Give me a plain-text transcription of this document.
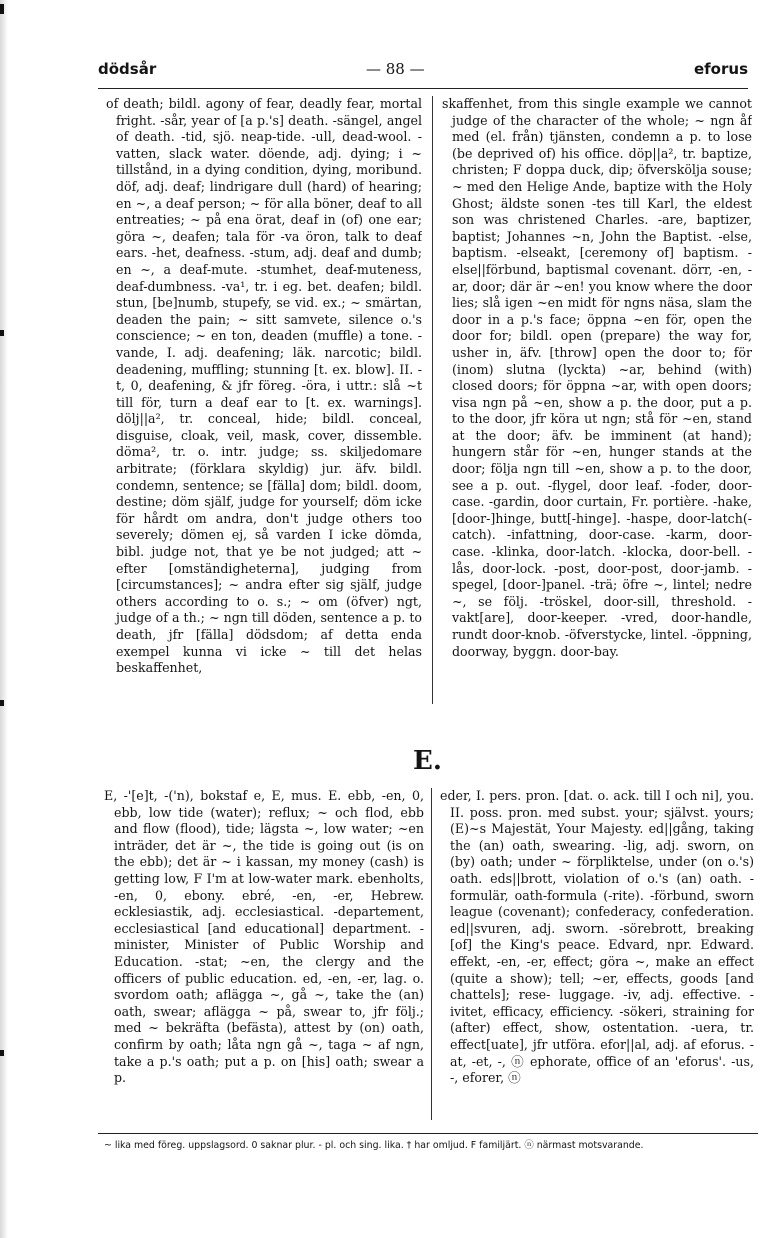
dödsår	— 88 —	eforus

of death; bildl. agony of fear, deadly fear, mortal fright. -sår, year of [a p.'s] death. -sängel, angel of death. -tid, sjö. neap-tide. -ull, dead-wool. -vatten, slack water. döende, adj. dying; i ~ tillstånd, in a dying condition, dying, moribund. döf, adj. deaf; lindrigare dull (hard) of hearing; en ~, a deaf person; ~ för alla böner, deaf to all entreaties; ~ på ena örat, deaf in (of) one ear; göra ~, deafen; tala för -va öron, talk to deaf ears. -het, deafness. -stum, adj. deaf and dumb; en ~, a deaf-mute. -stumhet, deaf-muteness, deaf-dumbness. -va¹, tr. i eg. bet. deafen; bildl. stun, [be]numb, stupefy, se vid. ex.; ~ smärtan, deaden the pain; ~ sitt samvete, silence o.'s conscience; ~ en ton, deaden (muffle) a tone. -vande, I. adj. deafening; läk. narcotic; bildl. deadening, muffling; stunning [t. ex. blow]. II. -t, 0, deafening, & jfr föreg. -öra, i uttr.: slå ~t till för, turn a deaf ear to [t. ex. warnings]. dölj||a², tr. conceal, hide; bildl. conceal, disguise, cloak, veil, mask, cover, dissemble. döma², tr. o. intr. judge; ss. skiljedomare arbitrate; (förklara skyldig) jur. äfv. bildl. condemn, sentence; se [fälla] dom; bildl. doom, destine; döm själf, judge for yourself; döm icke för hårdt om andra, don't judge others too severely; dömen ej, så varden I icke dömda, bibl. judge not, that ye be not judged; att ~ efter [omständigheterna], judging from [circumstances]; ~ andra efter sig själf, judge others according to o. s.; ~ om (öfver) ngt, judge of a th.; ~ ngn till döden, sentence a p. to death, jfr [fälla] dödsdom; af detta enda exempel kunna vi icke ~ till det helas beskaffenhet,

skaffenhet, from this single example we cannot judge of the character of the whole; ~ ngn åf med (el. från) tjänsten, condemn a p. to lose (be deprived of) his office. döp||a², tr. baptize, christen; F doppa duck, dip; öfversköljа souse; ~ med den Helige Ande, baptize with the Holy Ghost; äldste sonen -tes till Karl, the eldest son was christened Charles. -are, baptizer, baptist; Johannes ~n, John the Baptist. -else, baptism. -elseakt, [ceremony of] baptism. -else||förbund, baptismal covenant. dörr, -en, -ar, door; där är ~en! you know where the door lies; slå igen ~en midt för ngns näsa, slam the door in a p.'s face; öppna ~en för, open the door for; bildl. open (prepare) the way for, usher in, äfv. [throw] open the door to; för (inom) slutna (lyckta) ~ar, behind (with) closed doors; för öppna ~ar, with open doors; visa ngn på ~en, show a p. the door, put a p. to the door, jfr köra ut ngn; stå för ~en, stand at the door; äfv. be imminent (at hand); hungern står för ~en, hunger stands at the door; följa ngn till ~en, show a p. to the door, see a p. out. -flygel, door leaf. -foder, door-case. -gardin, door curtain, Fr. portière. -hake, [door-]hinge, butt[-hinge]. -haspe, door-latch(-catch). -infattning, door-case. -karm, door-case. -klinka, door-latch. -klocka, door-bell. -lås, door-lock. -post, door-post, door-jamb. -spegel, [door-]panel. -trä; öfre ~, lintel; nedre ~, se följ. -tröskel, door-sill, threshold. -vakt[are], door-keeper. -vred, door-handle, rundt door-knob. -öfverstycke, lintel. -öppning, doorway, byggn. door-bay.

E.

E, -'[e]t, -('n), bokstaf e, E, mus. E. ebb, -en, 0, ebb, low tide (water); reflux; ~ och flod, ebb and flow (flood), tide; lägsta ~, low water; ~en inträder, det är ~, the tide is going out (is on the ebb); det är ~ i kassan, my money (cash) is getting low, F I'm at low-water mark. ebenholts, -en, 0, ebony. ebré, -en, -er, Hebrew. ecklesiastik, adj. ecclesiastical. -departement, ecclesiastical [and educational] department. -minister, Minister of Public Worship and Education. -stat; ~en, the clergy and the officers of public education. ed, -en, -er, lag. o. svordom oath; aflägga ~, gå ~, take the (an) oath, swear; aflägga ~ på, swear to, jfr följ.; med ~ bekräfta (befästa), attest by (on) oath, confirm by oath; låta ngn gå ~, taga ~ af ngn, take a p.'s oath; put a p. on [his] oath; swear a p.

eder, I. pers. pron. [dat. o. ack. till I och ni], you. II. poss. pron. med subst. your; självst. yours; (E)~s Majestät, Your Majesty. ed||gång, taking the (an) oath, swearing. -lig, adj. sworn, on (by) oath; under ~ förpliktelse, under (on o.'s) oath. eds||brott, violation of o.'s (an) oath. -formulär, oath-formula (-rite). -förbund, sworn league (covenant); confederacy, confederation. ed||svuren, adj. sworn. -sörebrott, breaking [of] the King's peace. Edvard, npr. Edward. effekt, -en, -er, effect; göra ~, make an effect (quite a show); tell; ~er, effects, goods [and chattels]; rese- luggage. -iv, adj. effective. -ivitet, efficacy, efficiency. -sökeri, straining for (after) effect, show, ostentation. -uera, tr. effect[uate], jfr utföra. efor||al, adj. af eforus. -at, -et, -, ⓝ ephorate, office of an 'eforus'. -us, -, eforer, ⓝ

~ lika med föreg. uppslagsord. 0 saknar plur. - pl. och sing. lika. † har omljud. F familjärt. ⓝ närmast motsvarande.
